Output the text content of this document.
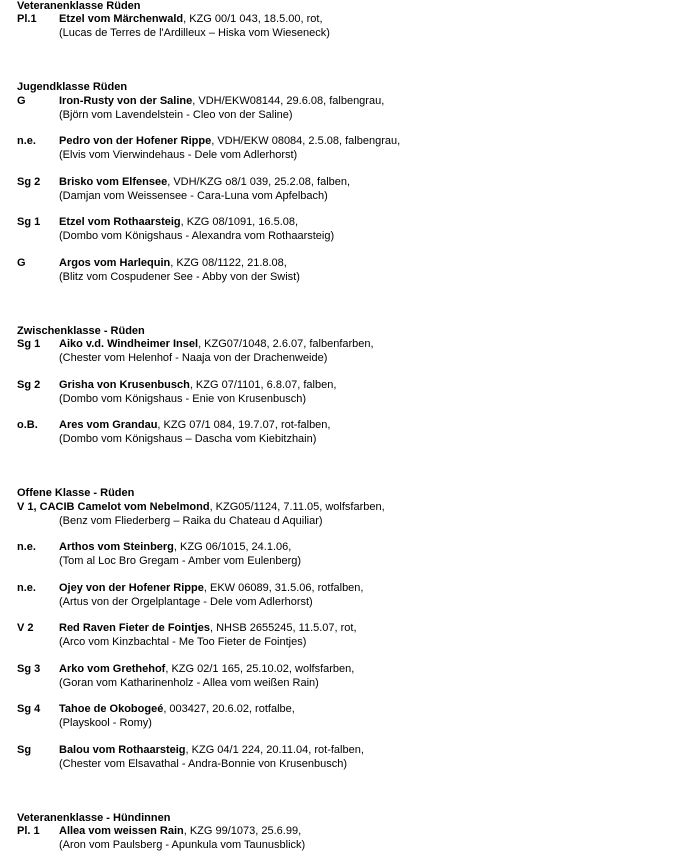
Veteranenklasse Rüden
Pl.1 Etzel vom Märchenwald, KZG 00/1 043, 18.5.00, rot,
(Lucas de Terres de l'Ardilleux – Hiska vom Wieseneck)
Jugendklasse Rüden
G	Iron-Rusty von der Saline, VDH/EKW08144, 29.6.08, falbengrau,
(Björn vom Lavendelstein - Cleo von der Saline)
n.e. Pedro von der Hofener Rippe, VDH/EKW 08084, 2.5.08, falbengrau,
(Elvis vom Vierwindehaus - Dele vom Adlerhorst)
Sg 2 Brisko vom Elfensee, VDH/KZG o8/1 039, 25.2.08, falben,
(Damjan vom Weissensee - Cara-Luna vom Apfelbach)
Sg 1 Etzel vom Rothaarsteig, KZG 08/1091, 16.5.08,
(Dombo vom Königshaus - Alexandra vom Rothaarsteig)
G	Argos vom Harlequin, KZG 08/1122, 21.8.08,
(Blitz vom Cospudener See - Abby von der Swist)
Zwischenklasse - Rüden
Sg 1 Aiko v.d. Windheimer Insel, KZG07/1048, 2.6.07, falbenfarben,
(Chester vom Helenhof - Naaja von der Drachenweide)
Sg 2 Grisha von Krusenbusch, KZG 07/1101, 6.8.07, falben,
(Dombo vom Königshaus - Enie von Krusenbusch)
o.B. Ares vom Grandau, KZG 07/1 084, 19.7.07, rot-falben,
(Dombo vom Königshaus – Dascha vom Kiebitzhain)
Offene Klasse - Rüden
V 1, CACIB Camelot vom Nebelmond, KZG05/1124, 7.11.05, wolfsfarben,
(Benz vom Fliederberg – Raika du Chateau d Aquiliar)
n.e. Arthos vom Steinberg, KZG 06/1015, 24.1.06,
(Tom al Loc Bro Gregam - Amber vom Eulenberg)
n.e. Ojey von der Hofener Rippe, EKW 06089, 31.5.06, rotfalben,
(Artus von der Orgelplantage - Dele vom Adlerhorst)
V 2 Red Raven Fieter de Fointjes, NHSB 2655245, 11.5.07, rot,
(Arco vom Kinzbachtal - Me Too Fieter de Fointjes)
Sg 3 Arko vom Grethehof, KZG 02/1 165, 25.10.02, wolfsfarben,
(Goran vom Katharinenholz - Allea vom weißen Rain)
Sg 4 Tahoe de Okobogeé, 003427, 20.6.02, rotfalbe,
(Playskool - Romy)
Sg	Balou vom Rothaarsteig, KZG 04/1 224, 20.11.04, rot-falben,
(Chester vom Elsavathal - Andra-Bonnie von Krusenbusch)
Veteranenklasse - Hündinnen
Pl. 1 Allea vom weissen Rain, KZG 99/1073, 25.6.99,
(Aron vom Paulsberg - Apunkula vom Taunusblick)
